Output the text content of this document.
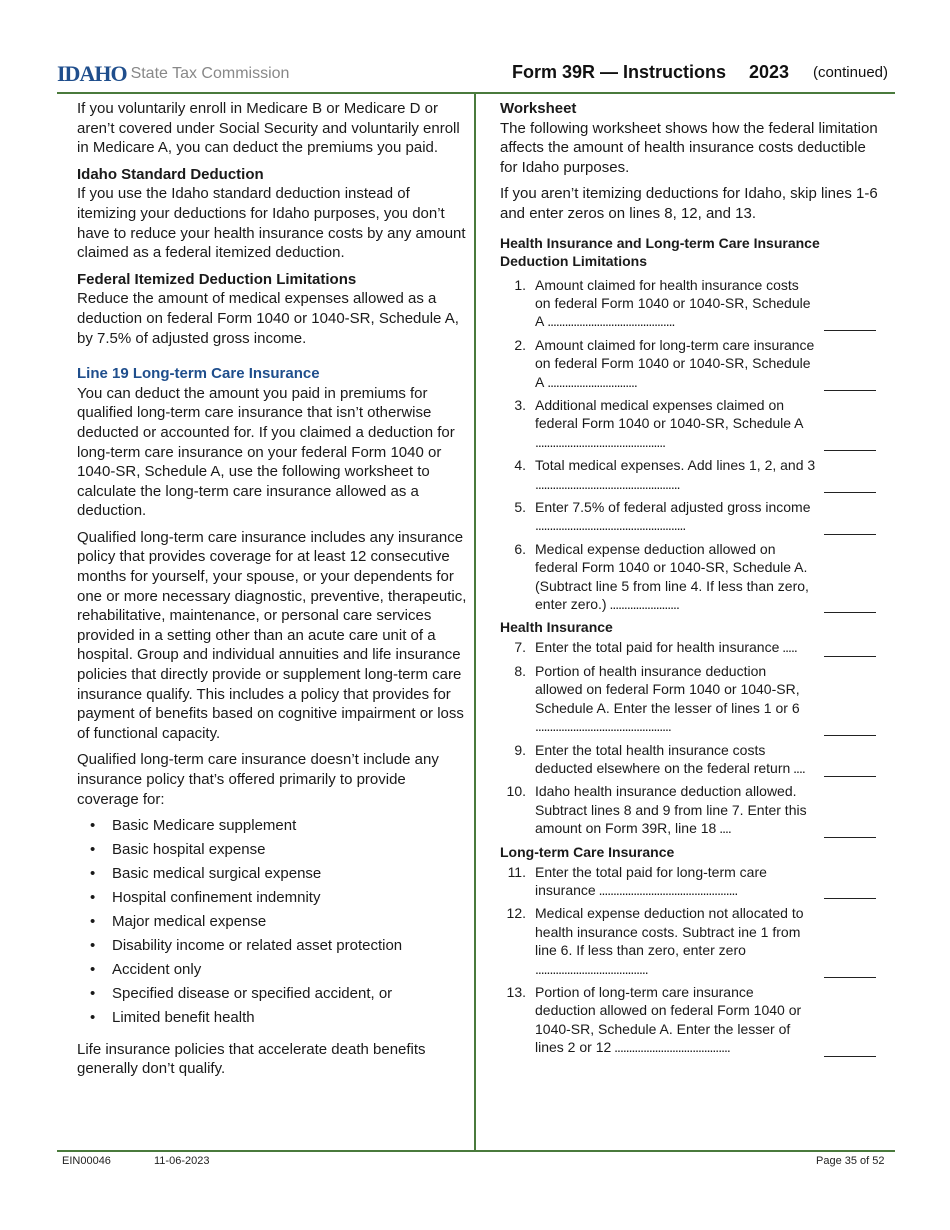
IDAHO State Tax Commission	Form 39R — Instructions 2023 (continued)

If you voluntarily enroll in Medicare B or Medicare D or aren’t covered under Social Security and voluntarily enroll in Medicare A, you can deduct the premiums you paid.

Idaho Standard Deduction

If you use the Idaho standard deduction instead of itemizing your deductions for Idaho purposes, you don’t have to reduce your health insurance costs by any amount claimed as a federal itemized deduction.

Federal Itemized Deduction Limitations

Reduce the amount of medical expenses allowed as a deduction on federal Form 1040 or 1040-SR, Schedule A, by 7.5% of adjusted gross income.

Line 19 Long-term Care Insurance

You can deduct the amount you paid in premiums for qualified long-term care insurance that isn’t otherwise deducted or accounted for. If you claimed a deduction for long-term care insurance on your federal Form 1040 or 1040-SR, Schedule A, use the following worksheet to calculate the long-term care insurance allowed as a deduction.

Qualified long-term care insurance includes any insurance policy that provides coverage for at least 12 consecutive months for yourself, your spouse, or your dependents for one or more necessary diagnostic, preventive, therapeutic, rehabilitative, maintenance, or personal care services provided in a setting other than an acute care unit of a hospital. Group and individual annuities and life insurance policies that directly provide or supplement long-term care insurance qualify. This includes a policy that provides for payment of benefits based on cognitive impairment or loss of functional capacity.

Qualified long-term care insurance doesn’t include any insurance policy that’s offered primarily to provide coverage for:

• Basic Medicare supplement
• Basic hospital expense
• Basic medical surgical expense
• Hospital confinement indemnity
• Major medical expense
• Disability income or related asset protection
• Accident only
• Specified disease or specified accident, or
• Limited benefit health

Life insurance policies that accelerate death benefits generally don’t qualify.

Worksheet

The following worksheet shows how the federal limitation affects the amount of health insurance costs deductible for Idaho purposes.

If you aren’t itemizing deductions for Idaho, skip lines 1-6 and enter zeros on lines 8, 12, and 13.

Health Insurance and Long-term Care Insurance Deduction Limitations
1. Amount claimed for health insurance costs on federal Form 1040 or 1040-SR, Schedule A ............................................
2. Amount claimed for long-term care insurance on federal Form 1040 or 1040-SR, Schedule A ...............................
3. Additional medical expenses claimed on federal Form 1040 or 1040-SR, Schedule A .............................................
4. Total medical expenses. Add lines 1, 2, and 3 ..................................................
5. Enter 7.5% of federal adjusted gross income ....................................................
6. Medical expense deduction allowed on federal Form 1040 or 1040-SR, Schedule A. (Subtract line 5 from line 4. If less than zero, enter zero.) ........................
Health Insurance
7. Enter the total paid for health insurance .....
8. Portion of health insurance deduction allowed on federal Form 1040 or 1040-SR, Schedule A. Enter the lesser of lines 1 or 6 ...............................................
9. Enter the total health insurance costs deducted elsewhere on the federal return ....
10. Idaho health insurance deduction allowed. Subtract lines 8 and 9 from line 7. Enter this amount on Form 39R, line 18 ....
Long-term Care Insurance
11. Enter the total paid for long-term care insurance ................................................
12. Medical expense deduction not allocated to health insurance costs. Subtract ine 1 from line 6. If less than zero, enter zero .......................................
13. Portion of long-term care insurance deduction allowed on federal Form 1040 or 1040-SR, Schedule A. Enter the lesser of lines 2 or 12 ........................................
EIN00046	11-06-2023	Page 35 of 52
